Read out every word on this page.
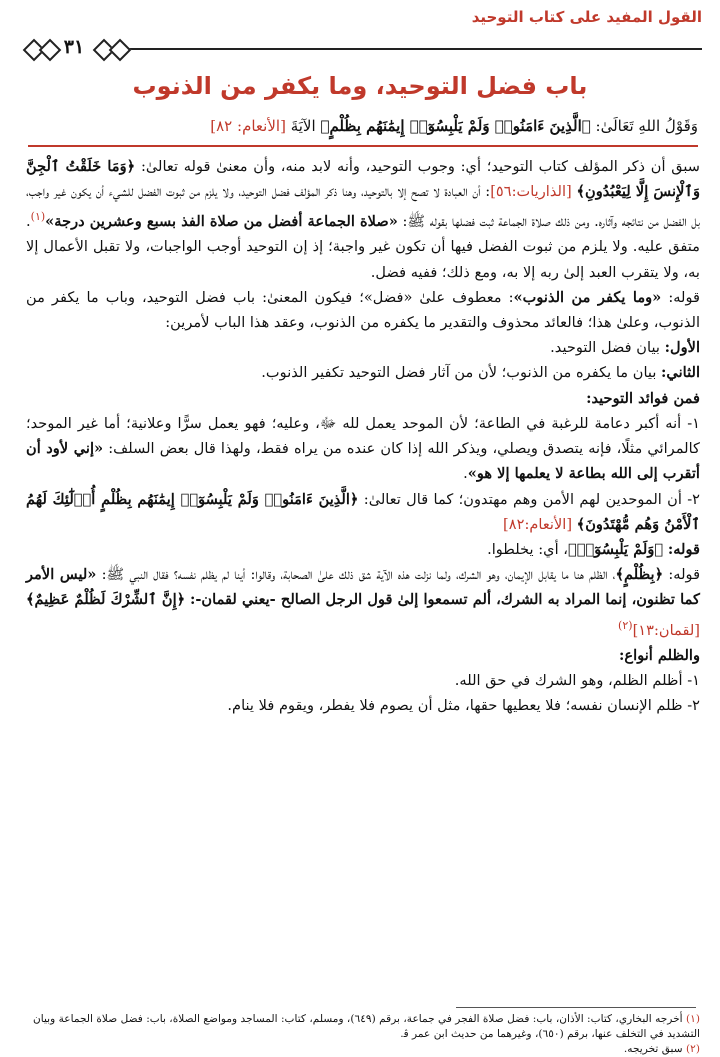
القول المفيد على كتاب التوحيد
٣١
باب فضل التوحيد، وما يكفر من الذنوب
وَقَوْلُ اللهِ تَعَالَىٰ: ﴿الَّذِينَ ءَامَنُوا۟ وَلَمْ يَلْبِسُوٓا۟ إِيمَٰنَهُم بِظُلْمٍ﴾ الآيَةَ [الأنعام: ٨٢]

سبق أن ذكر المؤلف كتاب التوحيد؛ أي: وجوب التوحيد، وأنه لابد منه، وأن معنىٰ قوله تعالىٰ: ﴿وَمَا خَلَقْتُ ٱلْجِنَّ وَٱلْإِنسَ إِلَّا لِيَعْبُدُونِ﴾ [الذاريات:٥٦]: أن العبادة لا تصح إلا بالتوحيد، وهنا ذكر المؤلف فضل التوحيد، ولا يلزم من ثبوت الفضل للشيء أن يكون غير واجب، بل الفضل من نتائجه وآثاره. ومن ذلك صلاة الجماعة ثبت فضلها بقوله ﷺ: «صلاة الجماعة أفضل من صلاة الفذ بسبع وعشرين درجة»$^{(١)}$. متفق عليه. ولا يلزم من ثبوت الفضل فيها أن تكون غير واجبة؛ إذ إن التوحيد أوجب الواجبات، ولا تقبل الأعمال إلا به، ولا يتقرب العبد إلىٰ ربه إلا به، ومع ذلك؛ ففيه فضل.

قوله: «وما يكفر من الذنوب»: معطوف علىٰ «فضل»؛ فيكون المعنىٰ: باب فضل التوحيد، وباب ما يكفر من الذنوب، وعلىٰ هذا؛ فالعائد محذوف والتقدير ما يكفره من الذنوب، وعقد هذا الباب لأمرين:

الأول: بيان فضل التوحيد.

الثاني: بيان ما يكفره من الذنوب؛ لأن من آثار فضل التوحيد تكفير الذنوب.

فمن فوائد التوحيد:

١- أنه أكبر دعامة للرغبة في الطاعة؛ لأن الموحد يعمل لله ﷻ، وعليه؛ فهو يعمل سرًّا وعلانية؛ أما غير الموحد؛ كالمرائي مثلًا، فإنه يتصدق ويصلي، ويذكر الله إذا كان عنده من يراه فقط، ولهذا قال بعض السلف: «إني لأود أن أتقرب إلى الله بطاعة لا يعلمها إلا هو».

٢- أن الموحدين لهم الأمن وهم مهتدون؛ كما قال تعالىٰ: ﴿الَّذِينَ ءَامَنُوا۟ وَلَمْ يَلْبِسُوٓا۟ إِيمَٰنَهُم بِظُلْمٍ أُو۟لَٰٓئِكَ لَهُمُ ٱلْأَمْنُ وَهُم مُّهْتَدُونَ﴾ [الأنعام:٨٢]

قوله: ﴿وَلَمْ يَلْبِسُوٓا۟﴾، أي: يخلطوا.

قوله: ﴿بِظُلْمٍ﴾، الظلم هنا ما يقابل الإيمان، وهو الشرك، ولما نزلت هذه الآية شق ذلك علىٰ الصحابة، وقالوا: أينا لم يظلم نفسه؟ فقال النبي ﷺ: «ليس الأمر كما تظنون، إنما المراد به الشرك، ألم تسمعوا إلىٰ قول الرجل الصالح -يعني لقمان-: ﴿إِنَّ ٱلشِّرْكَ لَظُلْمٌ عَظِيمٌ﴾ [لقمان:١٣]$^{(٢)}$

والظلم أنواع:

١- أظلم الظلم، وهو الشرك في حق الله.

٢- ظلم الإنسان نفسه؛ فلا يعطيها حقها، مثل أن يصوم فلا يفطر، ويقوم فلا ينام.

(١) أخرجه البخاري، كتاب: الأذان، باب: فضل صلاة الفجر في جماعة، برقم (٦٤٩)، ومسلم، كتاب: المساجد ومواضع الصلاة، باب: فضل صلاة الجماعة وبيان التشديد في التخلف عنها، برقم (٦٥٠)، وغيرهما من حديث ابن عمر ﭬ.

(٢) سبق تخريجه.
